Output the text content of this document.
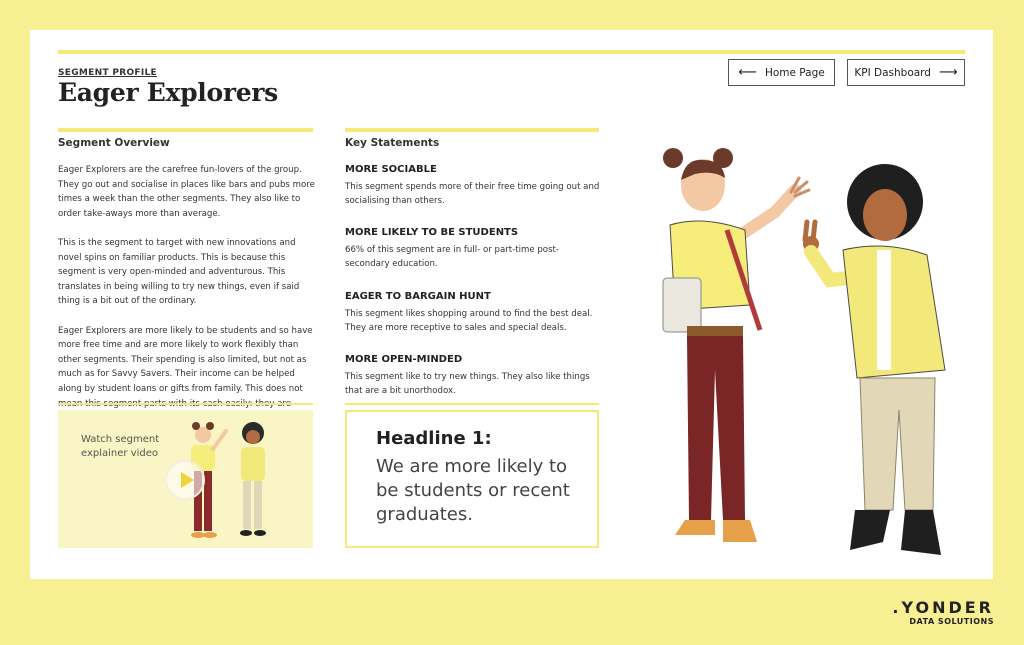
SEGMENT PROFILE
Eager Explorers
⟵ Home Page	KPI Dashboard ⟶
Segment Overview

Eager Explorers are the carefree fun-lovers of the group. They go out and socialise in places like bars and pubs more times a week than the other segments. They also like to order take-aways more than average.

This is the segment to target with new innovations and novel spins on familiar products. This is because this segment is very open-minded and adventurous. This translates in being willing to try new things, even if said thing is a bit out of the ordinary.

Eager Explorers are more likely to be students and so have more free time and are more likely to work flexibly than other segments. Their spending is also limited, but not as much as for Savvy Savers. Their income can be helped along by student loans or gifts from family. This does not

Key Statements
MORE SOCIABLE
This segment spends more of their free time going out and socialising than others.
MORE LIKELY TO BE STUDENTS
66% of this segment are in full- or part-time post-secondary education.
EAGER TO BARGAIN HUNT
This segment likes shopping around to find the best deal. They are more receptive to sales and special deals.
MORE OPEN-MINDED
This segment like to try new things. They also like things that are a bit unorthodox.
Watch segment explainer video
Headline 1:
We are more likely to be students or recent graduates.
.YONDER
DATA SOLUTIONS
